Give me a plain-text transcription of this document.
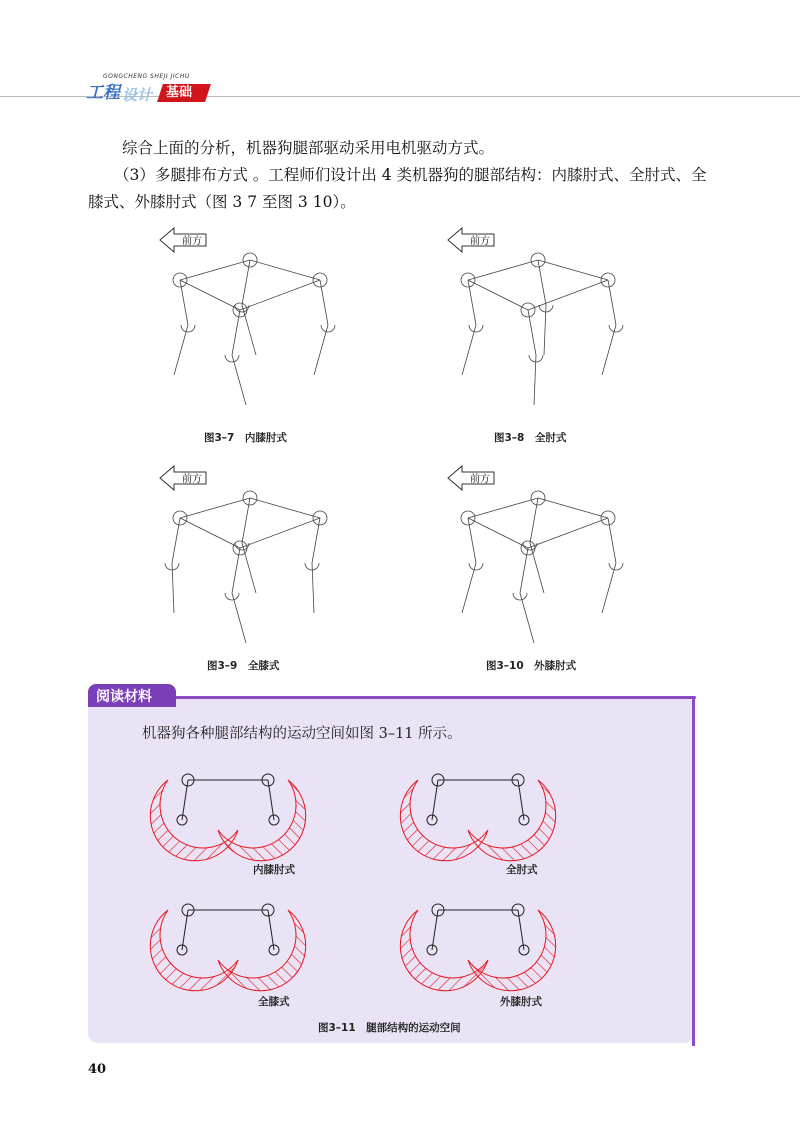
GONGCHENG SHEJI JICHU
工程 设计 基础
综合上面的分析，机器狗腿部驱动采用电机驱动方式。
（3）多腿排布方式 。工程师们设计出 4 类机器狗的腿部结构：内膝肘式、全肘式、全
膝式、外膝肘式（图 3 7 至图 3 10）。
前方
图3–7　内膝肘式
前方
图3–8　全肘式
前方
图3–9　全膝式
前方
图3–10　外膝肘式
阅读材料
机器狗各种腿部结构的运动空间如图 3–11 所示。
内膝肘式	全肘式
全膝式	外膝肘式
图3–11　腿部结构的运动空间
40
